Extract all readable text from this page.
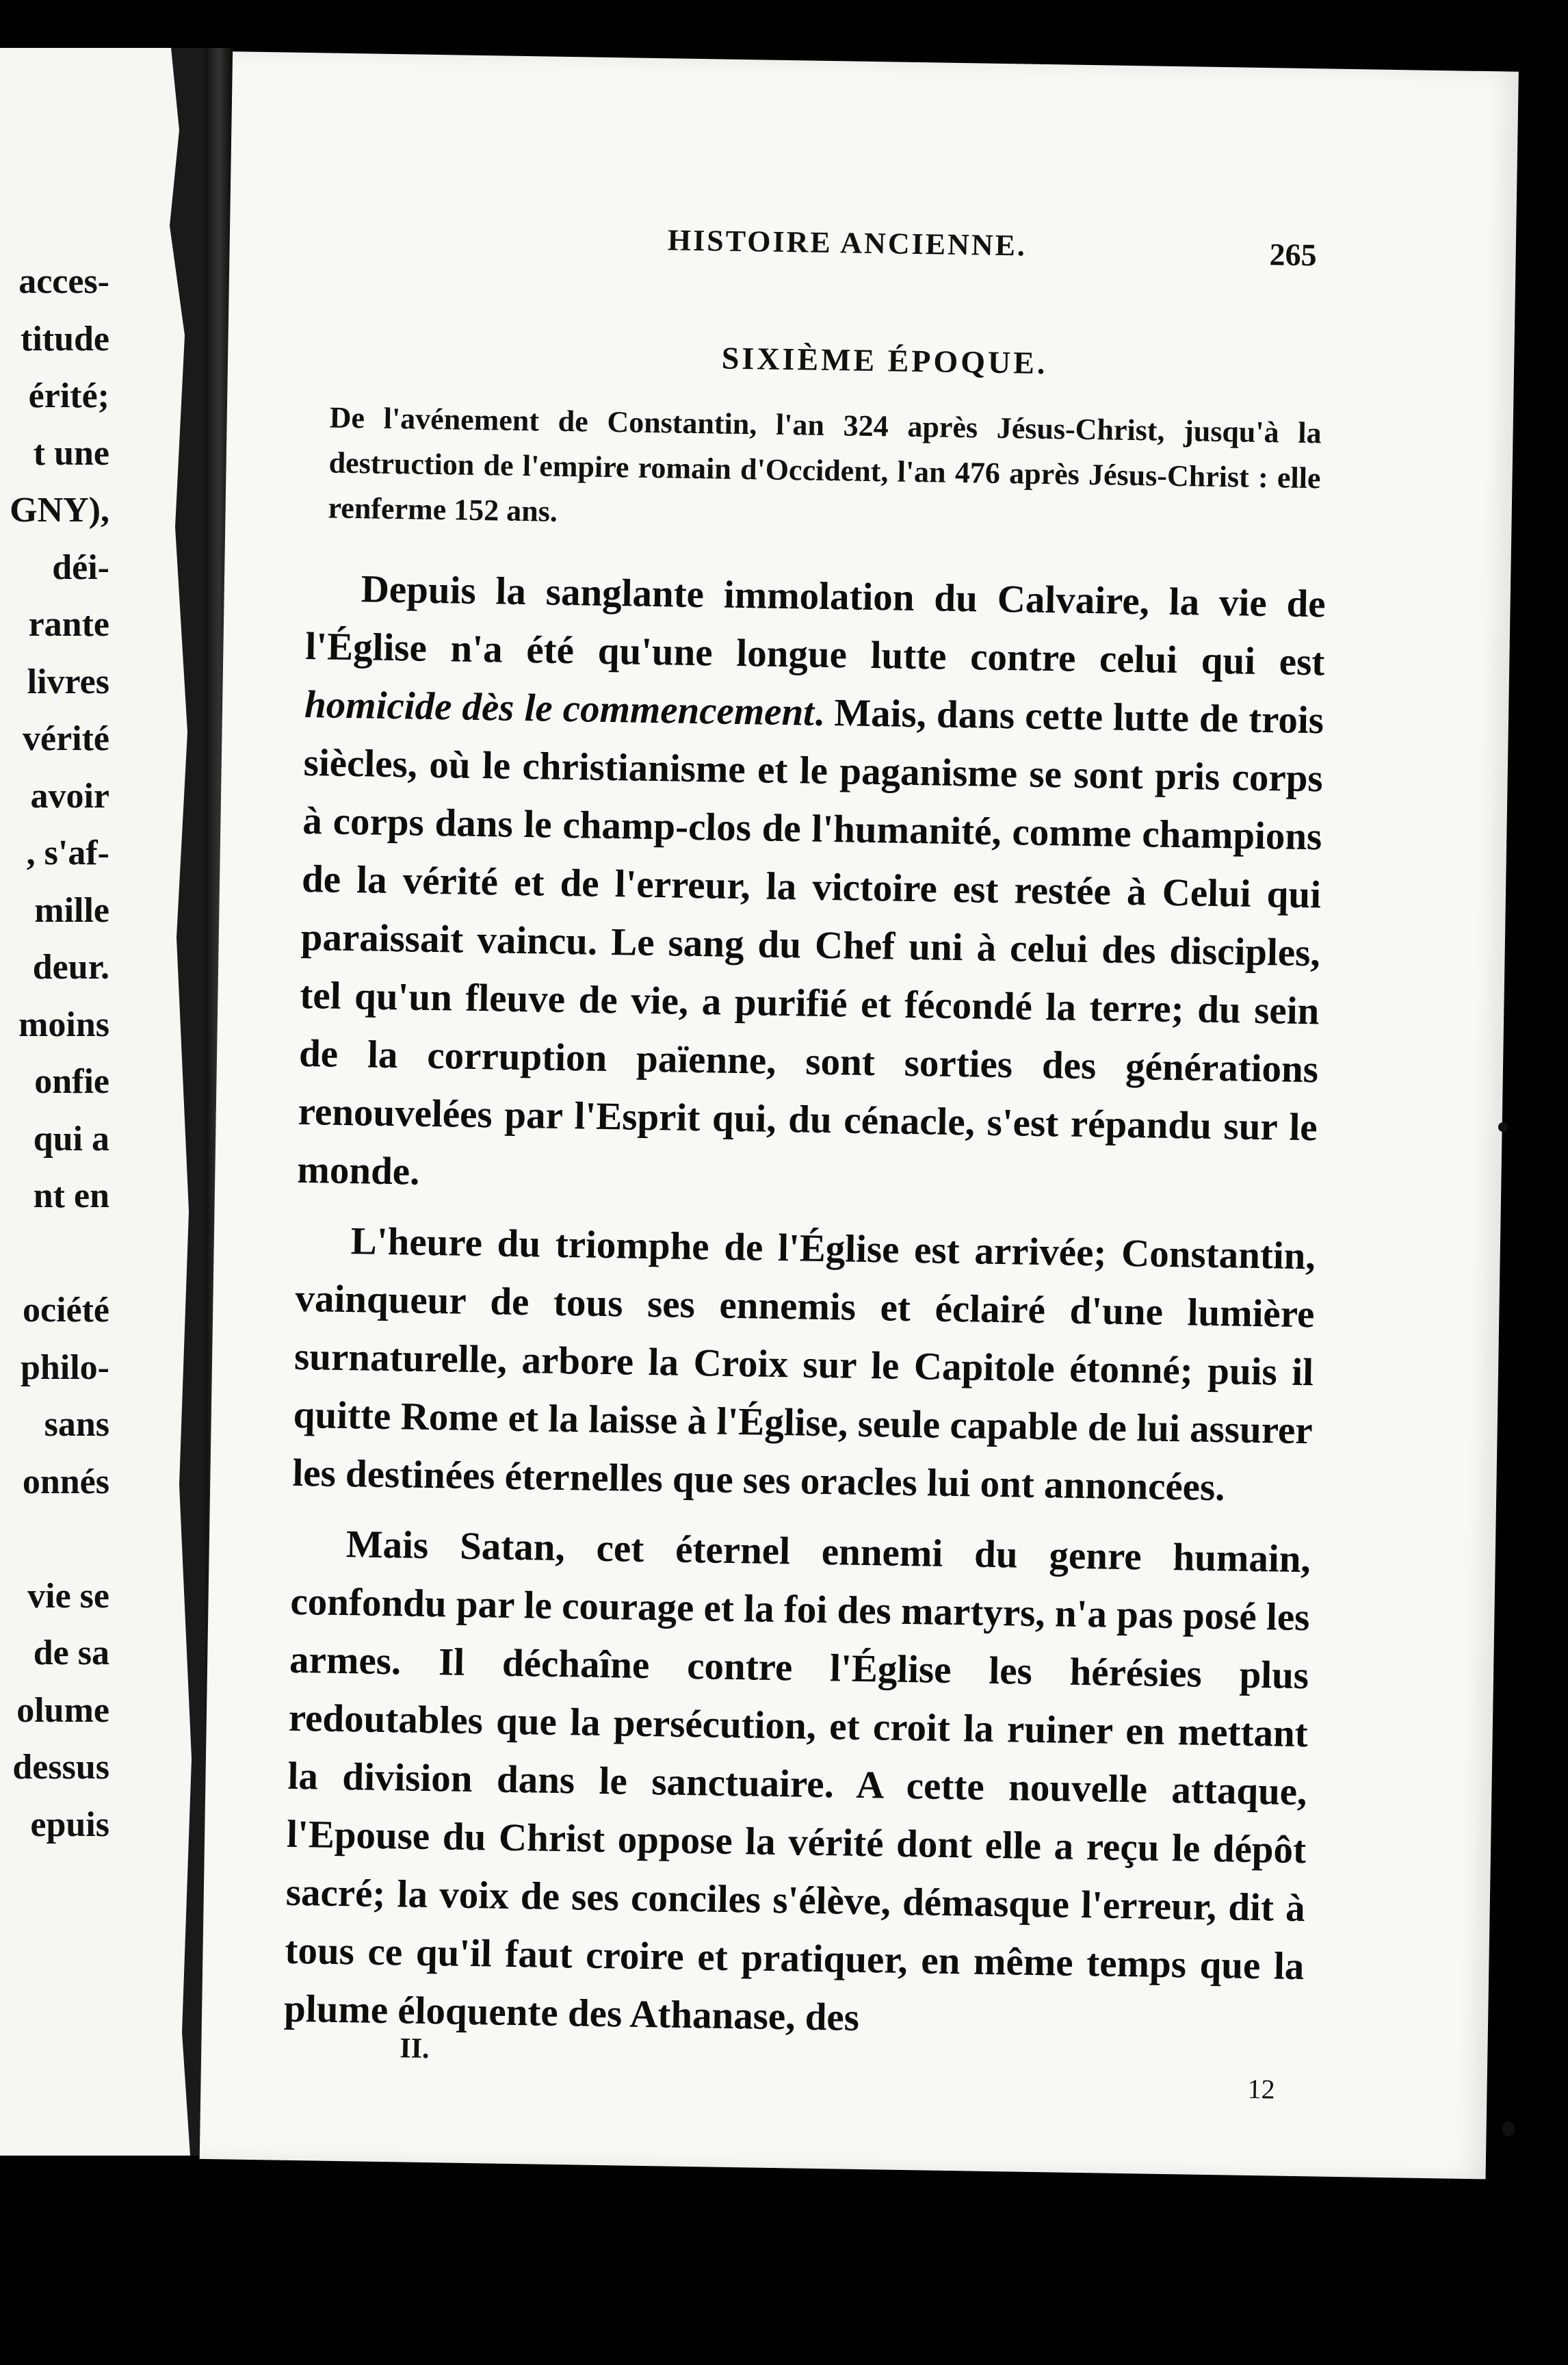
acces-
titude
érité;
t une
GNY),
déi-
rante
livres
vérité
avoir
, s'af-
mille
deur.
moins
onfie
qui a
nt en

ociété
philo-
sans
onnés

vie se
de sa
olume
dessus
epuis
HISTOIRE ANCIENNE.	265
SIXIÈME ÉPOQUE.
De l'avénement de Constantin, l'an 324 après Jésus-Christ, jusqu'à la destruction de l'empire romain d'Occident, l'an 476 après Jésus-Christ : elle renferme 152 ans.

Depuis la sanglante immolation du Calvaire, la vie de l'Église n'a été qu'une longue lutte contre celui qui est homicide dès le commencement. Mais, dans cette lutte de trois siècles, où le christianisme et le paganisme se sont pris corps à corps dans le champ-clos de l'humanité, comme champions de la vérité et de l'erreur, la victoire est restée à Celui qui paraissait vaincu. Le sang du Chef uni à celui des disciples, tel qu'un fleuve de vie, a purifié et fécondé la terre; du sein de la corruption païenne, sont sorties des générations renouvelées par l'Esprit qui, du cénacle, s'est répandu sur le monde.

L'heure du triomphe de l'Église est arrivée; Constantin, vainqueur de tous ses ennemis et éclairé d'une lumière surnaturelle, arbore la Croix sur le Capitole étonné; puis il quitte Rome et la laisse à l'Église, seule capable de lui assurer les destinées éternelles que ses oracles lui ont annoncées.

Mais Satan, cet éternel ennemi du genre humain, confondu par le courage et la foi des martyrs, n'a pas posé les armes. Il déchaîne contre l'Église les hérésies plus redoutables que la persécution, et croit la ruiner en mettant la division dans le sanctuaire. A cette nouvelle attaque, l'Epouse du Christ oppose la vérité dont elle a reçu le dépôt sacré; la voix de ses conciles s'élève, démasque l'erreur, dit à tous ce qu'il faut croire et pratiquer, en même temps que la plume éloquente des Athanase, des

II.
12
